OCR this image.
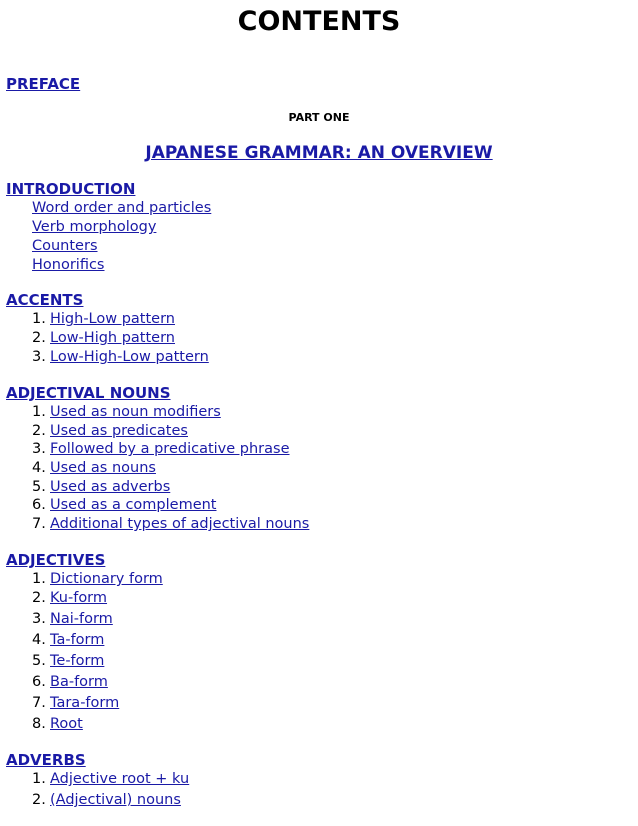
CONTENTS
PREFACE
PART ONE
JAPANESE GRAMMAR: AN OVERVIEW
INTRODUCTION
Word order and particles
Verb morphology
Counters
Honorifics
ACCENTS
1. High-Low pattern
2. Low-High pattern
3. Low-High-Low pattern
ADJECTIVAL NOUNS
1. Used as noun modifiers
2. Used as predicates
3. Followed by a predicative phrase
4. Used as nouns
5. Used as adverbs
6. Used as a complement
7. Additional types of adjectival nouns
ADJECTIVES
1. Dictionary form
2. Ku-form
3. Nai-form
4. Ta-form
5. Te-form
6. Ba-form
7. Tara-form
8. Root
ADVERBS
1. Adjective root + ku
2. (Adjectival) nouns
